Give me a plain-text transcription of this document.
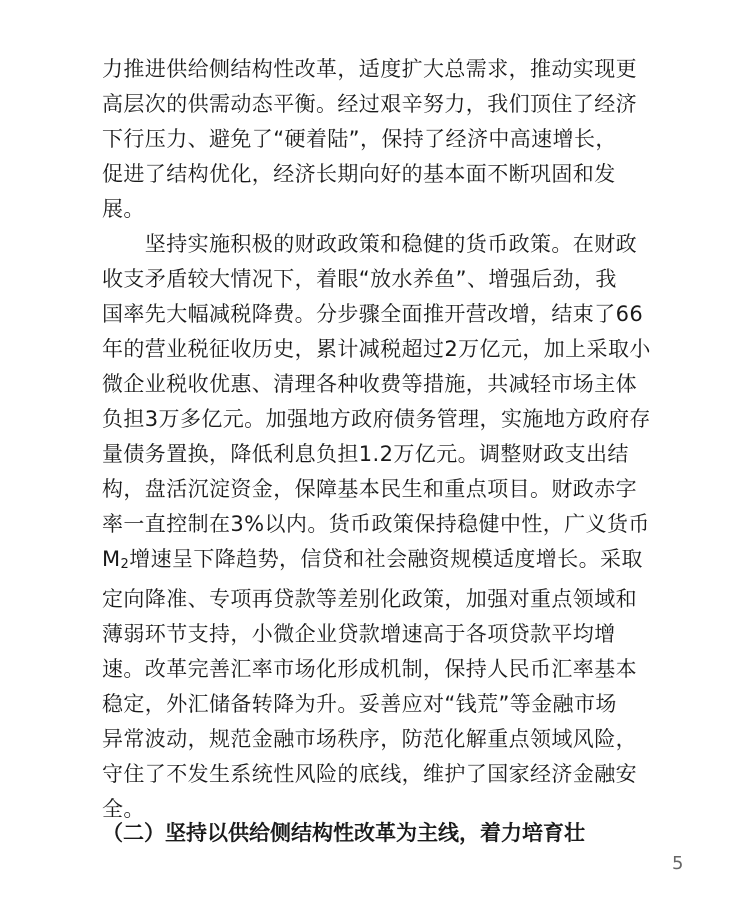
力推进供给侧结构性改革，适度扩大总需求，推动实现更
高层次的供需动态平衡。经过艰辛努力，我们顶住了经济
下行压力、避免了“硬着陆”，保持了经济中高速增长，
促进了结构优化，经济长期向好的基本面不断巩固和发
展。

　　坚持实施积极的财政政策和稳健的货币政策。在财政
收支矛盾较大情况下，着眼“放水养鱼”、增强后劲，我
国率先大幅减税降费。分步骤全面推开营改增，结束了66
年的营业税征收历史，累计减税超过2万亿元，加上采取小
微企业税收优惠、清理各种收费等措施，共减轻市场主体
负担3万多亿元。加强地方政府债务管理，实施地方政府存
量债务置换，降低利息负担1.2万亿元。调整财政支出结
构，盘活沉淀资金，保障基本民生和重点项目。财政赤字
率一直控制在3%以内。货币政策保持稳健中性，广义货币
M2增速呈下降趋势，信贷和社会融资规模适度增长。采取
定向降准、专项再贷款等差别化政策，加强对重点领域和
薄弱环节支持，小微企业贷款增速高于各项贷款平均增
速。改革完善汇率市场化形成机制，保持人民币汇率基本
稳定，外汇储备转降为升。妥善应对“钱荒”等金融市场
异常波动，规范金融市场秩序，防范化解重点领域风险，
守住了不发生系统性风险的底线，维护了国家经济金融安
全。

（二）坚持以供给侧结构性改革为主线，着力培育壮
5
